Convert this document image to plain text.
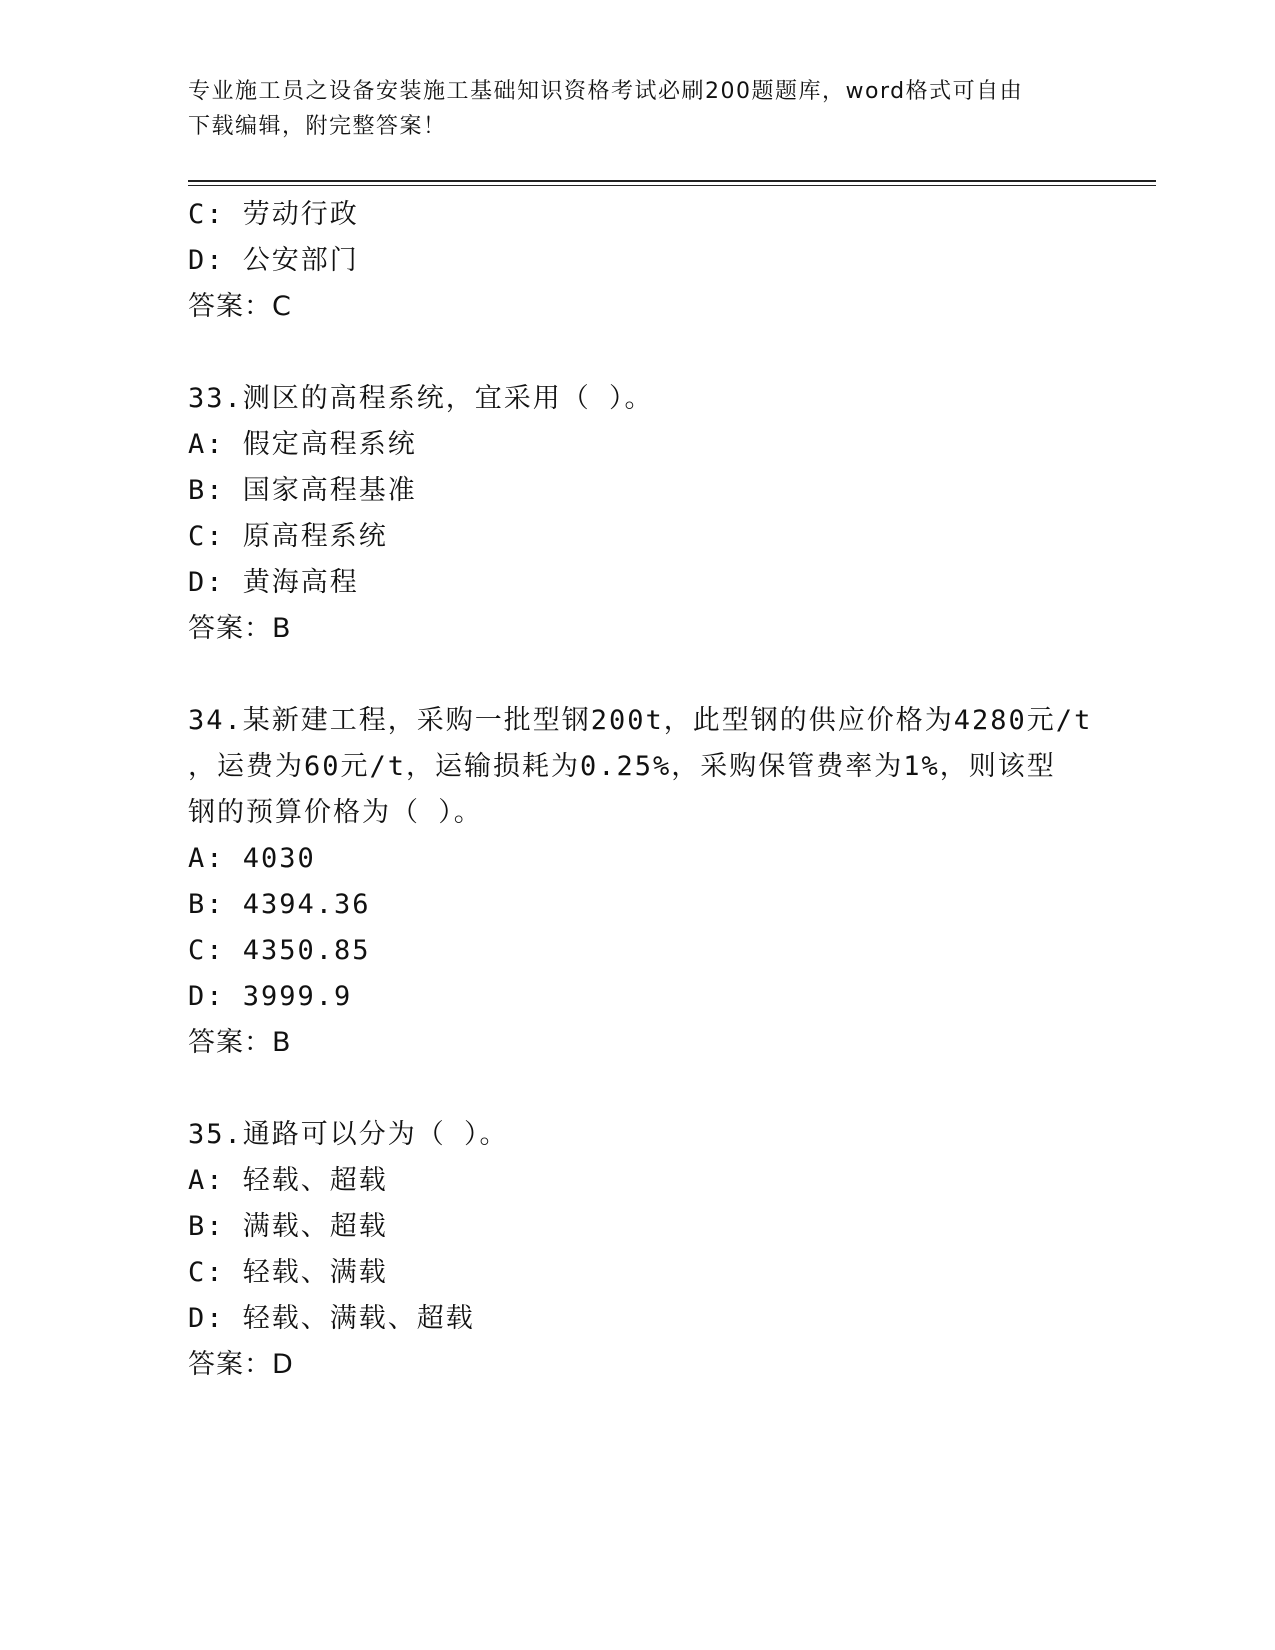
专业施工员之设备安装施工基础知识资格考试必刷200题题库，word格式可自由
下载编辑，附完整答案！
C: 劳动行政
D: 公安部门
答案：C
33.测区的高程系统，宜采用（ ）。
A: 假定高程系统
B: 国家高程基准
C: 原高程系统
D: 黄海高程
答案：B
34.某新建工程，采购一批型钢200t，此型钢的供应价格为4280元/t
，运费为60元/t，运输损耗为0.25%，采购保管费率为1%，则该型
钢的预算价格为（ ）。
A: 4030
B: 4394.36
C: 4350.85
D: 3999.9
答案：B
35.通路可以分为（ ）。
A: 轻载、超载
B: 满载、超载
C: 轻载、满载
D: 轻载、满载、超载
答案：D
